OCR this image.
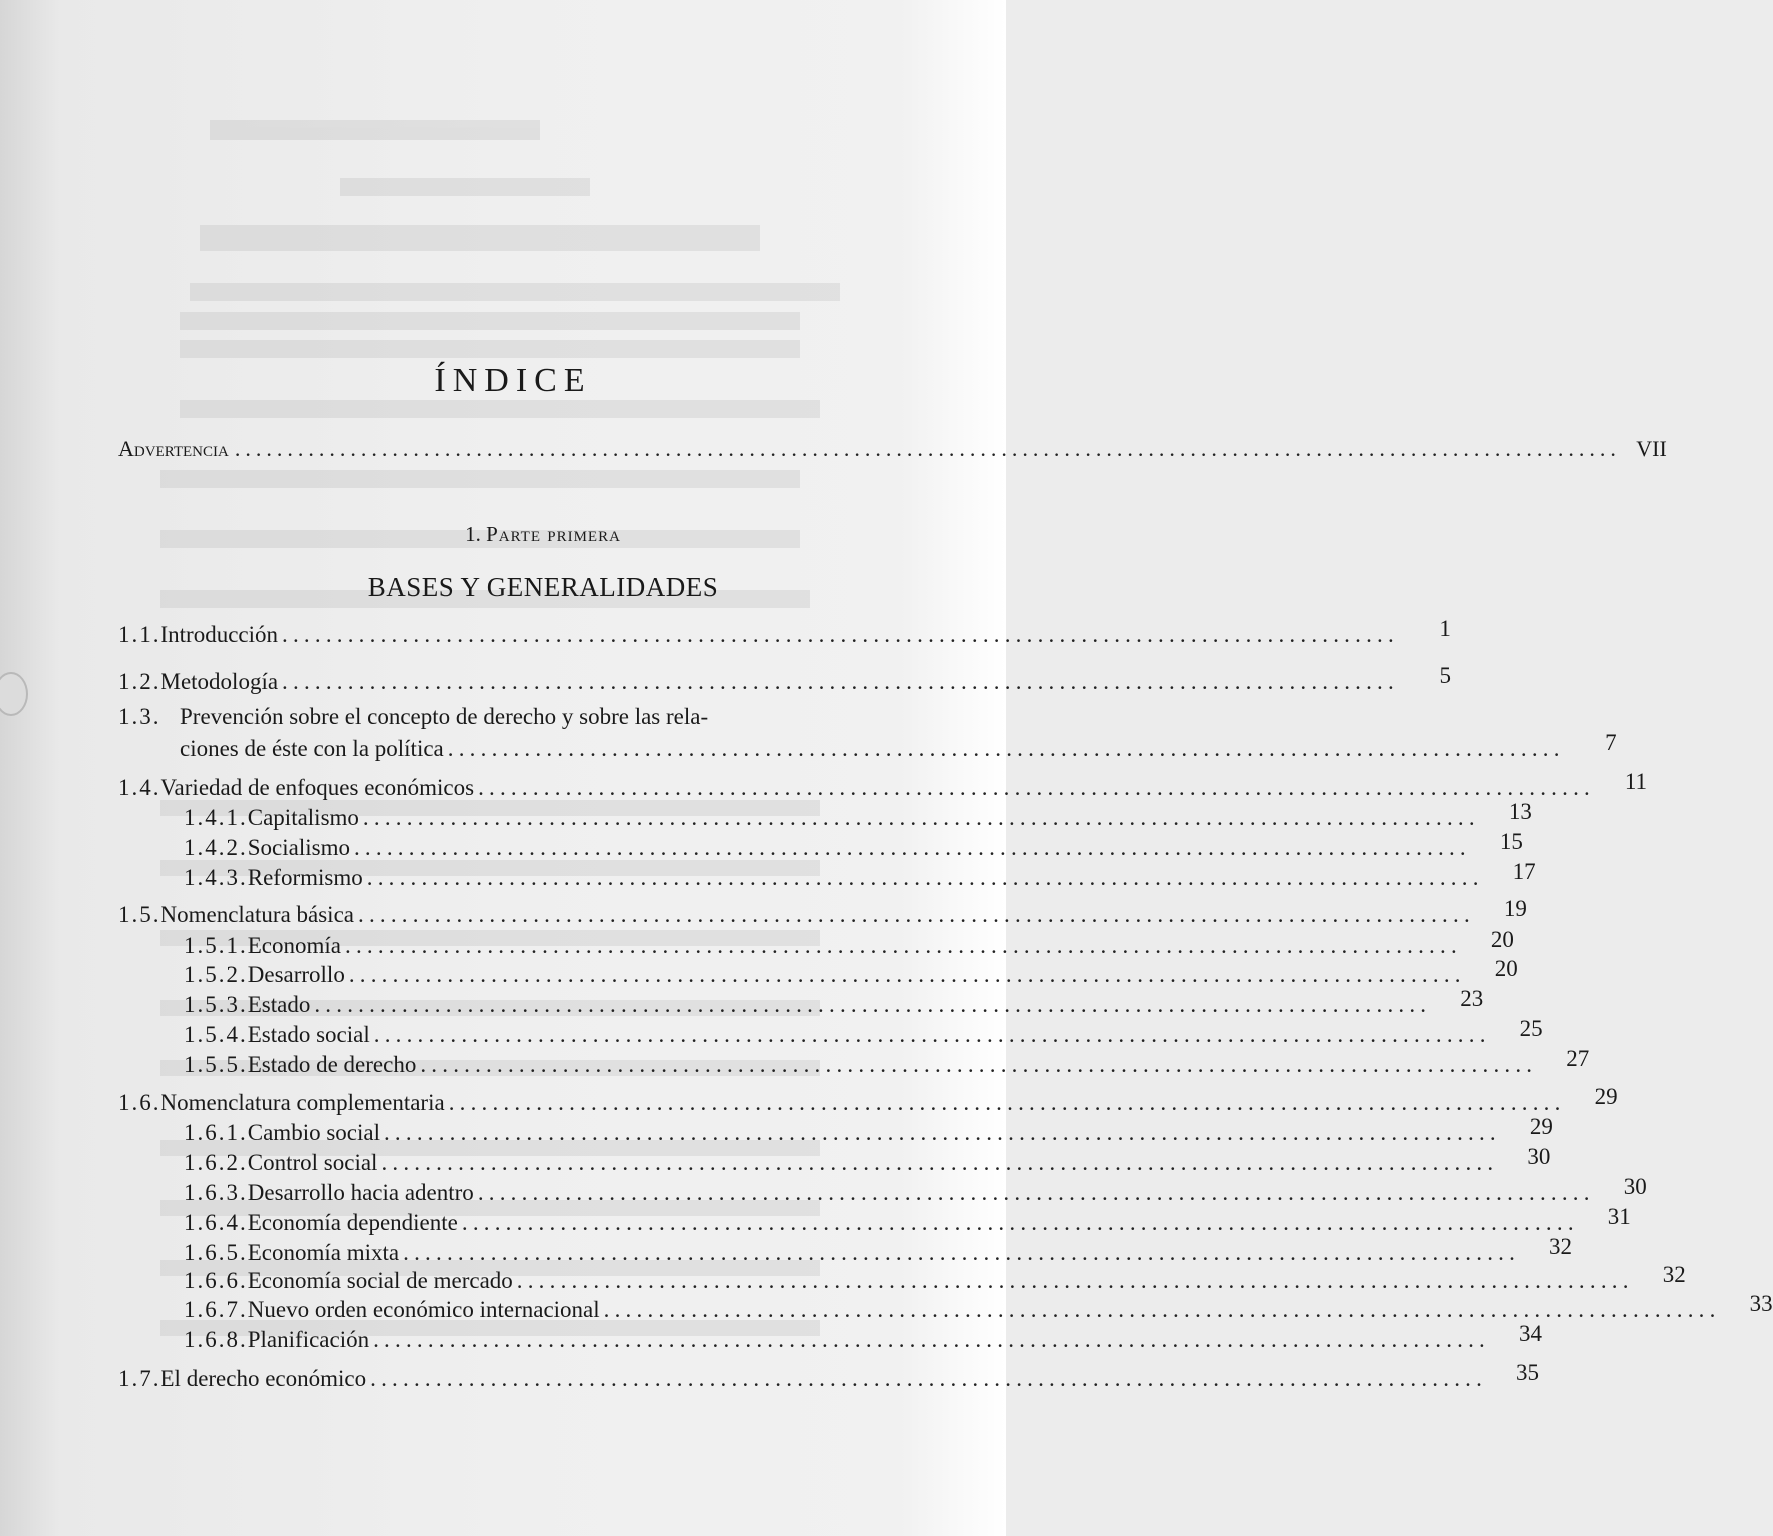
ÍNDICE
Advertencia .................................................................................................................................... VII
1. Parte primera
BASES Y GENERALIDADES
1.1. Introducción ......................................................................................................	1
1.2. Metodología ......................................................................................................	5
1.3. Prevención sobre el concepto de derecho y sobre las rela-
ciones de éste con la política ......................................................................................................	7
1.4. Variedad de enfoques económicos ......................................................................................................	11
1.4.1. Capitalismo ......................................................................................................	13
1.4.2. Socialismo ......................................................................................................	15
1.4.3. Reformismo ......................................................................................................	17
1.5. Nomenclatura básica ......................................................................................................	19
1.5.1. Economía ......................................................................................................	20
1.5.2. Desarrollo ......................................................................................................	20
1.5.3. Estado ......................................................................................................	23
1.5.4. Estado social ......................................................................................................	25
1.5.5. Estado de derecho ......................................................................................................	27
1.6. Nomenclatura complementaria ......................................................................................................	29
1.6.1. Cambio social ......................................................................................................	29
1.6.2. Control social ......................................................................................................	30
1.6.3. Desarrollo hacia adentro ......................................................................................................	30
1.6.4. Economía dependiente ......................................................................................................	31
1.6.5. Economía mixta ......................................................................................................	32
1.6.6. Economía social de mercado ......................................................................................................	32
1.6.7. Nuevo orden económico internacional ......................................................................................................	33
1.6.8. Planificación ......................................................................................................	34
1.7. El derecho económico ......................................................................................................	35
